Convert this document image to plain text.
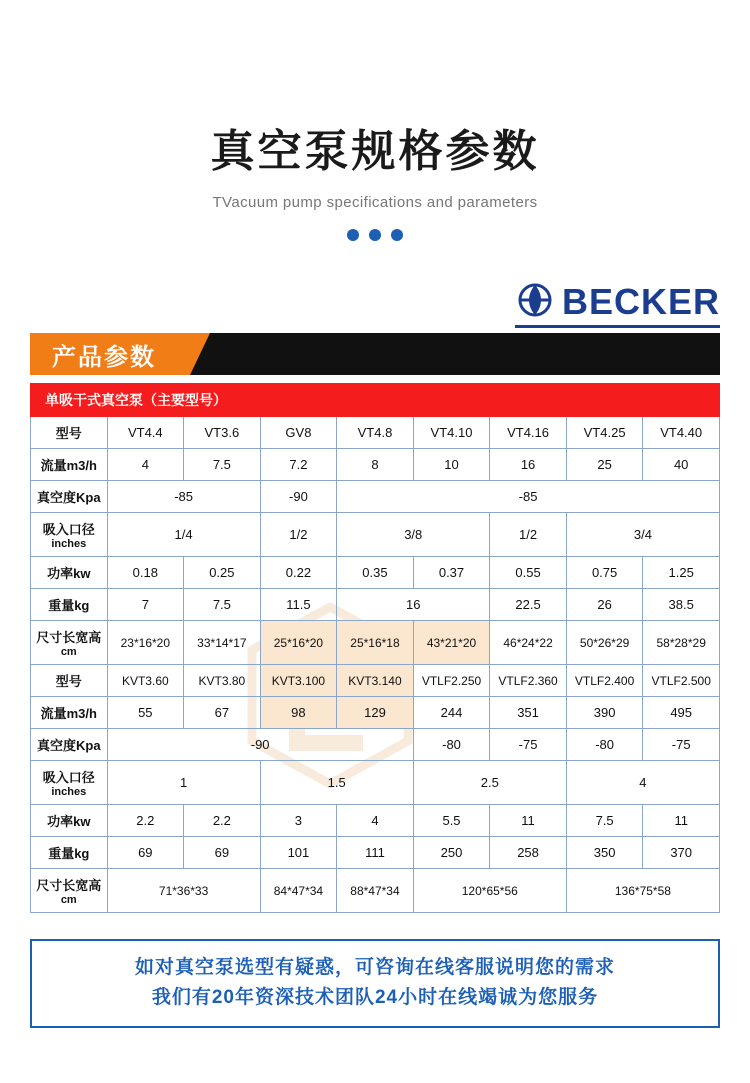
真空泵规格参数
TVacuum pump specifications and parameters
BECKER
产品参数
单吸干式真空泵（主要型号）								
型号	VT4.4	VT3.6	GV8	VT4.8	VT4.10	VT4.16	VT4.25	VT4.40
流量m3/h	4	7.5	7.2	8	10	16	25	40
真空度Kpa	-85		-90	-85				
吸入口径
inches	1/4		1/2	3/8		1/2	3/4	
功率kw	0.18	0.25	0.22	0.35	0.37	0.55	0.75	1.25
重量kg	7	7.5	11.5	16		22.5	26	38.5
尺寸长宽高
cm	23*16*20	33*14*17	25*16*20	25*16*18	43*21*20	46*24*22	50*26*29	58*28*29
型号	KVT3.60	KVT3.80	KVT3.100	KVT3.140	VTLF2.250	VTLF2.360	VTLF2.400	VTLF2.500
流量m3/h	55	67	98	129	244	351	390	495
真空度Kpa	-90				-80	-75	-80	-75
吸入口径
inches	1		1.5		2.5		4	
功率kw	2.2	2.2	3	4	5.5	11	7.5	11
重量kg	69	69	101	111	250	258	350	370
尺寸长宽高
cm	71*36*33		84*47*34	88*47*34	120*65*56		136*75*58	
如对真空泵选型有疑惑，可咨询在线客服说明您的需求
我们有20年资深技术团队24小时在线竭诚为您服务
